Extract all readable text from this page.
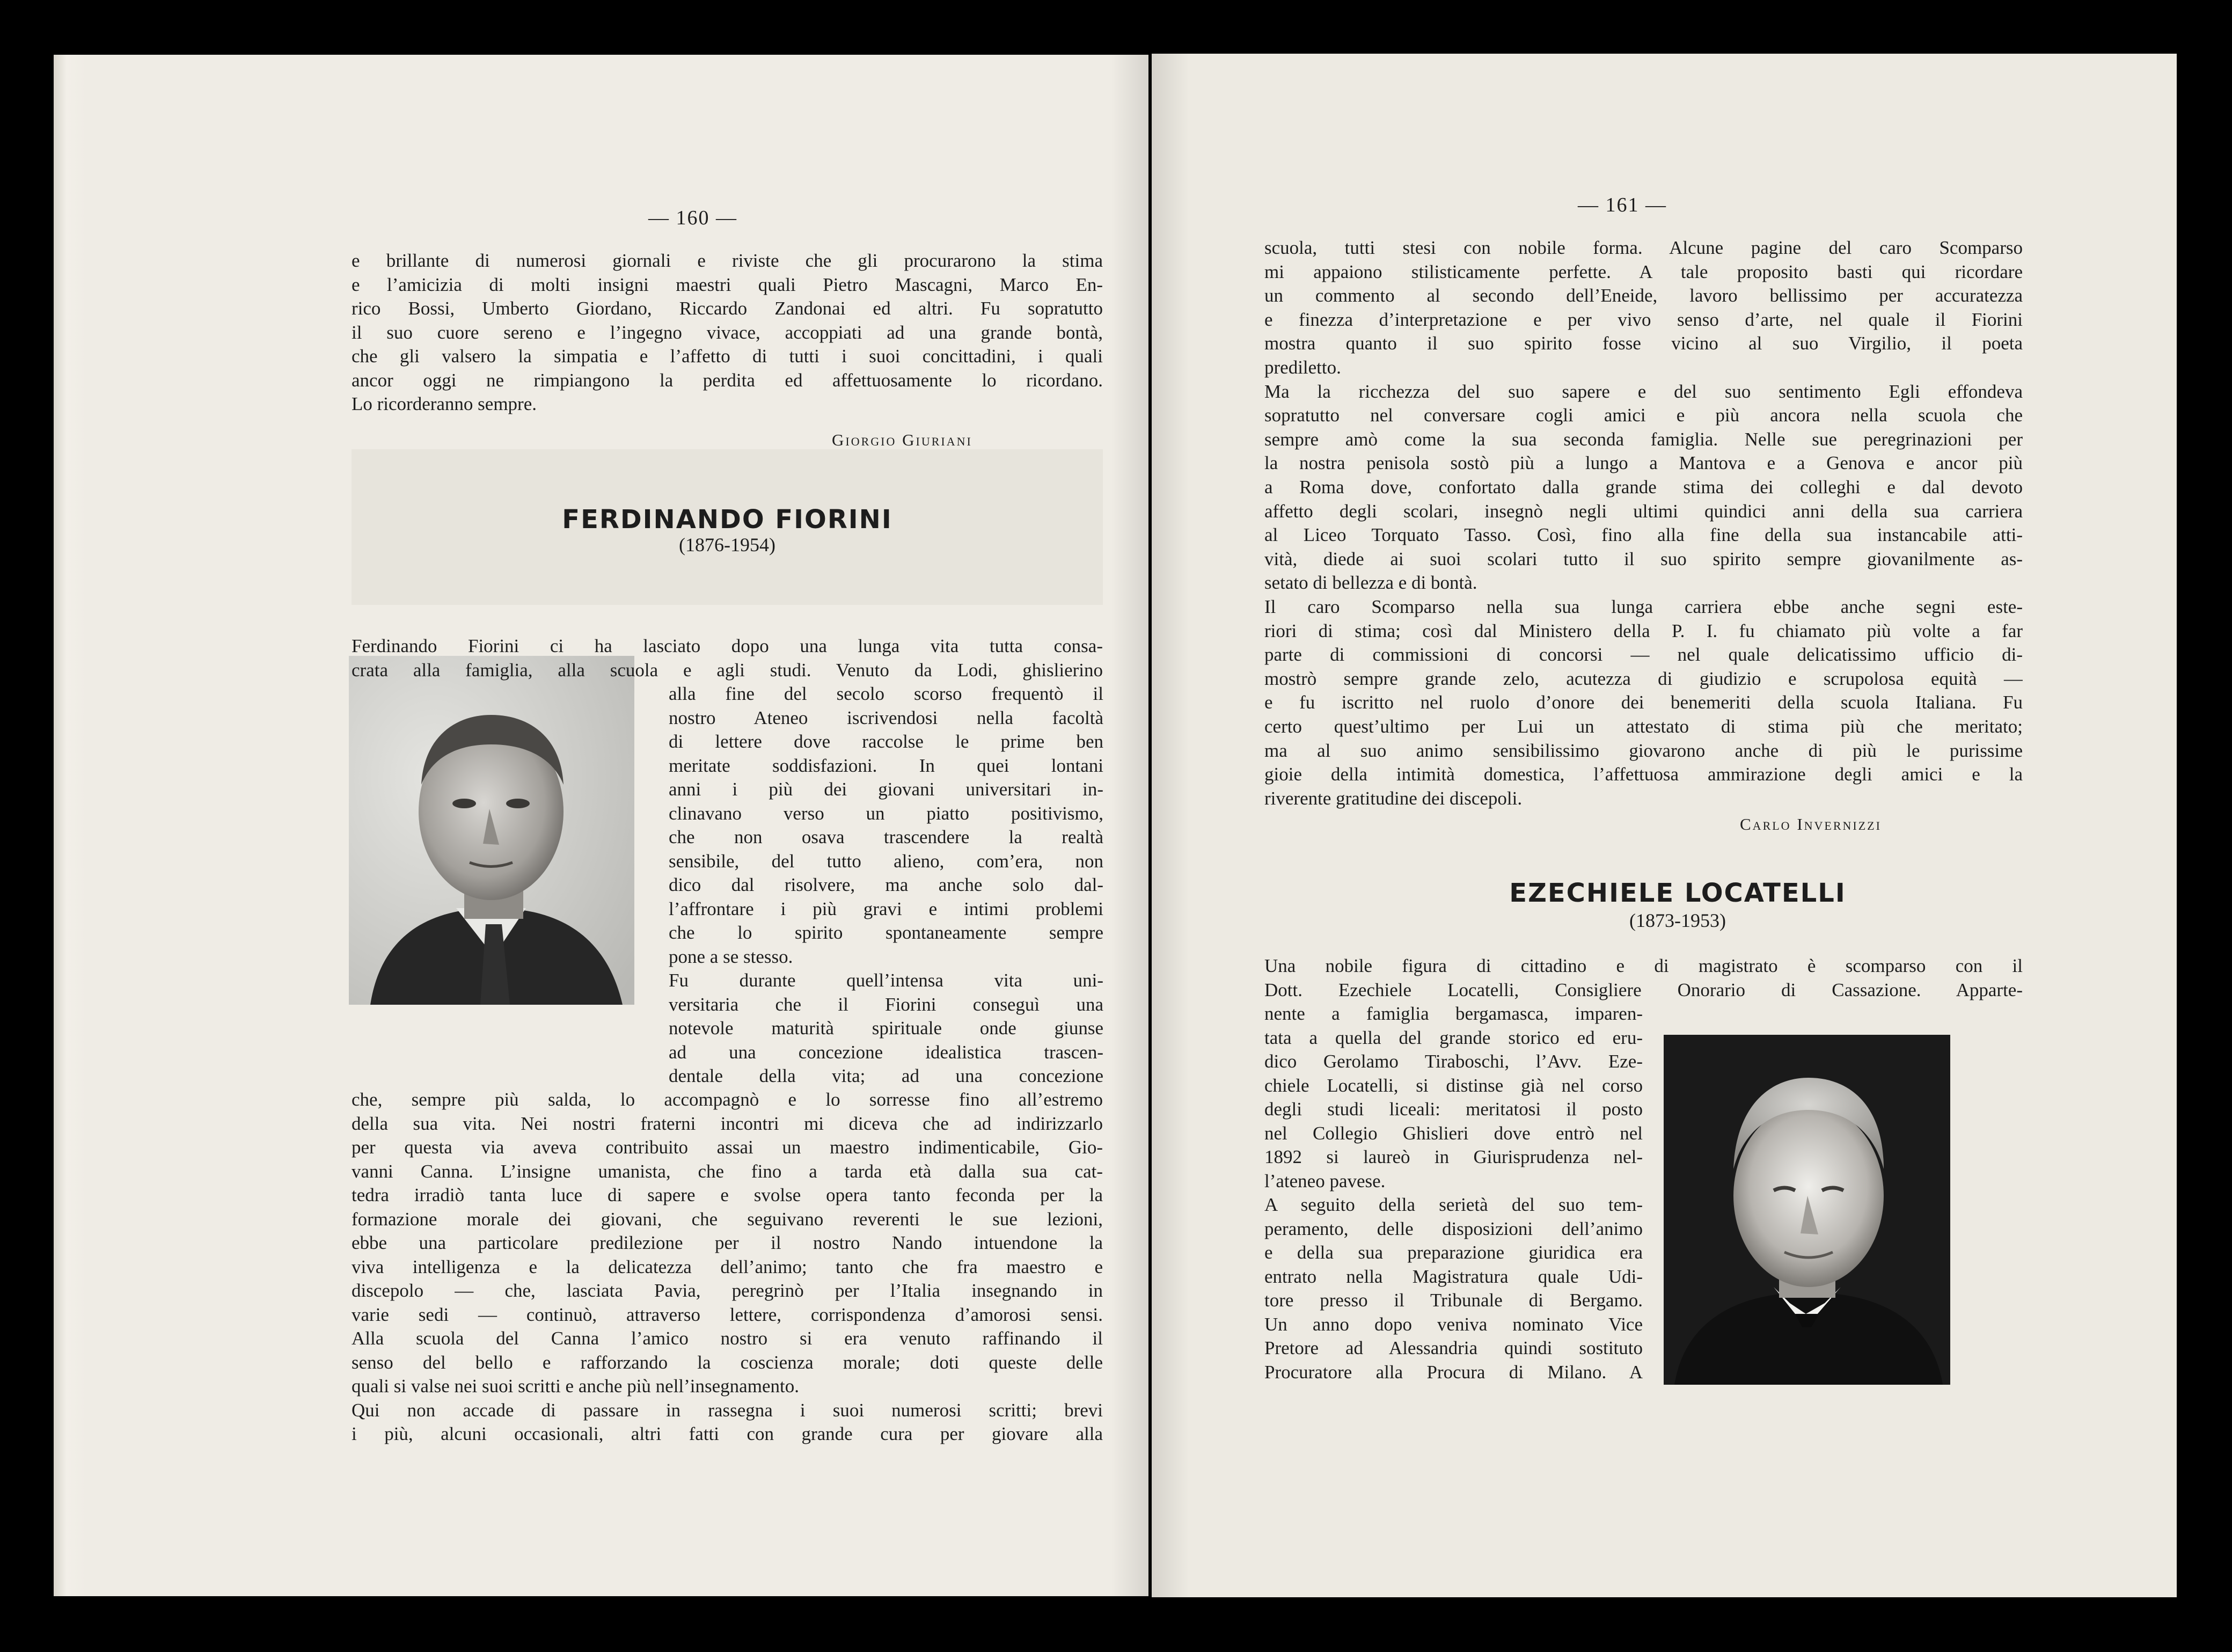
— 160 —
Giorgio Giuriani
FERDINANDO FIORINI
(1876-1954)
e brillante di numerosi giornali e riviste che gli procurarono la stima
e l’amicizia di molti insigni maestri quali Pietro Mascagni, Marco En-
rico Bossi, Umberto Giordano, Riccardo Zandonai ed altri. Fu sopratutto
il suo cuore sereno e l’ingegno vivace, accoppiati ad una grande bontà,
che gli valsero la simpatia e l’affetto di tutti i suoi concittadini, i quali
ancor oggi ne rimpiangono la perdita ed affettuosamente lo ricordano.
Lo ricorderanno sempre.
Ferdinando Fiorini ci ha lasciato dopo una lunga vita tutta consa-
crata alla famiglia, alla scuola e agli studi. Venuto da Lodi, ghislierino
alla fine del secolo scorso frequentò il
nostro Ateneo iscrivendosi nella facoltà
di lettere dove raccolse le prime ben
meritate soddisfazioni. In quei lontani
anni i più dei giovani universitari in-
clinavano verso un piatto positivismo,
che non osava trascendere la realtà
sensibile, del tutto alieno, com’era, non
dico dal risolvere, ma anche solo dal-
l’affrontare i più gravi e intimi problemi
che lo spirito spontaneamente sempre
pone a se stesso.
Fu durante quell’intensa vita uni-
versitaria che il Fiorini conseguì una
notevole maturità spirituale onde giunse
ad una concezione idealistica trascen-
dentale della vita; ad una concezione
che, sempre più salda, lo accompagnò e lo sorresse fino all’estremo
della sua vita. Nei nostri fraterni incontri mi diceva che ad indirizzarlo
per questa via aveva contribuito assai un maestro indimenticabile, Gio-
vanni Canna. L’insigne umanista, che fino a tarda età dalla sua cat-
tedra irradiò tanta luce di sapere e svolse opera tanto feconda per la
formazione morale dei giovani, che seguivano reverenti le sue lezioni,
ebbe una particolare predilezione per il nostro Nando intuendone la
viva intelligenza e la delicatezza dell’animo; tanto che fra maestro e
discepolo — che, lasciata Pavia, peregrinò per l’Italia insegnando in
varie sedi — continuò, attraverso lettere, corrispondenza d’amorosi sensi.
Alla scuola del Canna l’amico nostro si era venuto raffinando il
senso del bello e rafforzando la coscienza morale; doti queste delle
quali si valse nei suoi scritti e anche più nell’insegnamento.
Qui non accade di passare in rassegna i suoi numerosi scritti; brevi
i più, alcuni occasionali, altri fatti con grande cura per giovare alla
— 161 —
Carlo Invernizzi
EZECHIELE LOCATELLI
(1873-1953)
scuola, tutti stesi con nobile forma. Alcune pagine del caro Scomparso
mi appaiono stilisticamente perfette. A tale proposito basti qui ricordare
un commento al secondo dell’Eneide, lavoro bellissimo per accuratezza
e finezza d’interpretazione e per vivo senso d’arte, nel quale il Fiorini
mostra quanto il suo spirito fosse vicino al suo Virgilio, il poeta
prediletto.
Ma la ricchezza del suo sapere e del suo sentimento Egli effondeva
sopratutto nel conversare cogli amici e più ancora nella scuola che
sempre amò come la sua seconda famiglia. Nelle sue peregrinazioni per
la nostra penisola sostò più a lungo a Mantova e a Genova e ancor più
a Roma dove, confortato dalla grande stima dei colleghi e dal devoto
affetto degli scolari, insegnò negli ultimi quindici anni della sua carriera
al Liceo Torquato Tasso. Così, fino alla fine della sua instancabile atti-
vità, diede ai suoi scolari tutto il suo spirito sempre giovanilmente as-
setato di bellezza e di bontà.
Il caro Scomparso nella sua lunga carriera ebbe anche segni este-
riori di stima; così dal Ministero della P. I. fu chiamato più volte a far
parte di commissioni di concorsi — nel quale delicatissimo ufficio di-
mostrò sempre grande zelo, acutezza di giudizio e scrupolosa equità —
e fu iscritto nel ruolo d’onore dei benemeriti della scuola Italiana. Fu
certo quest’ultimo per Lui un attestato di stima più che meritato;
ma al suo animo sensibilissimo giovarono anche di più le purissime
gioie della intimità domestica, l’affettuosa ammirazione degli amici e la
riverente gratitudine dei discepoli.
Una nobile figura di cittadino e di magistrato è scomparso con il
Dott. Ezechiele Locatelli, Consigliere Onorario di Cassazione. Apparte-
nente a famiglia bergamasca, imparen-
tata a quella del grande storico ed eru-
dico Gerolamo Tiraboschi, l’Avv. Eze-
chiele Locatelli, si distinse già nel corso
degli studi liceali: meritatosi il posto
nel Collegio Ghislieri dove entrò nel
1892 si laureò in Giurisprudenza nel-
l’ateneo pavese.
A seguito della serietà del suo tem-
peramento, delle disposizioni dell’animo
e della sua preparazione giuridica era
entrato nella Magistratura quale Udi-
tore presso il Tribunale di Bergamo.
Un anno dopo veniva nominato Vice
Pretore ad Alessandria quindi sostituto
Procuratore alla Procura di Milano. A
